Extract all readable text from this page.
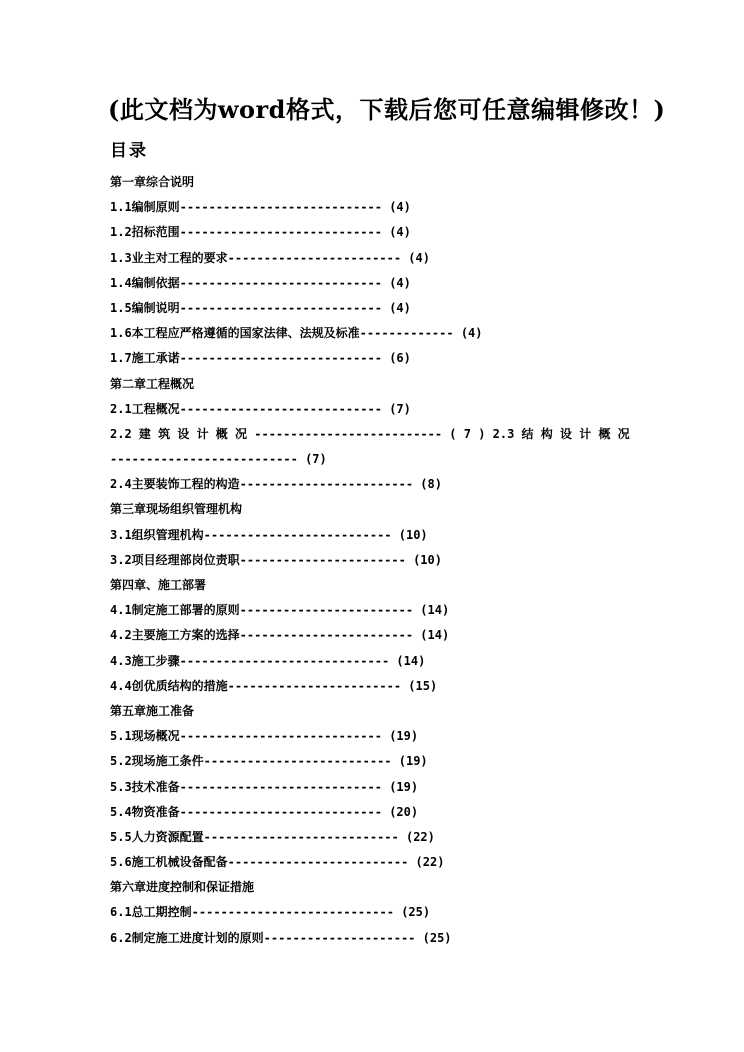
(此文档为word格式，下载后您可任意编辑修改！)
目录
第一章综合说明
1.1编制原则---------------------------- (4)
1.2招标范围---------------------------- (4)
1.3业主对工程的要求------------------------ (4)
1.4编制依据---------------------------- (4)
1.5编制说明---------------------------- (4)
1.6本工程应严格遵循的国家法律、法规及标准------------- (4)
1.7施工承诺---------------------------- (6)
第二章工程概况
2.1工程概况---------------------------- (7)
2.2 建 筑 设 计 概 况 -------------------------- ( 7 ) 2.3 结 构 设 计 概 况
-------------------------- (7)
2.4主要装饰工程的构造------------------------ (8)
第三章现场组织管理机构
3.1组织管理机构-------------------------- (10)
3.2项目经理部岗位责职----------------------- (10)
第四章、施工部署
4.1制定施工部署的原则------------------------ (14)
4.2主要施工方案的选择------------------------ (14)
4.3施工步骤----------------------------- (14)
4.4创优质结构的措施------------------------ (15)
第五章施工准备
5.1现场概况---------------------------- (19)
5.2现场施工条件-------------------------- (19)
5.3技术准备---------------------------- (19)
5.4物资准备---------------------------- (20)
5.5人力资源配置--------------------------- (22)
5.6施工机械设备配备------------------------- (22)
第六章进度控制和保证措施
6.1总工期控制---------------------------- (25)
6.2制定施工进度计划的原则--------------------- (25)
